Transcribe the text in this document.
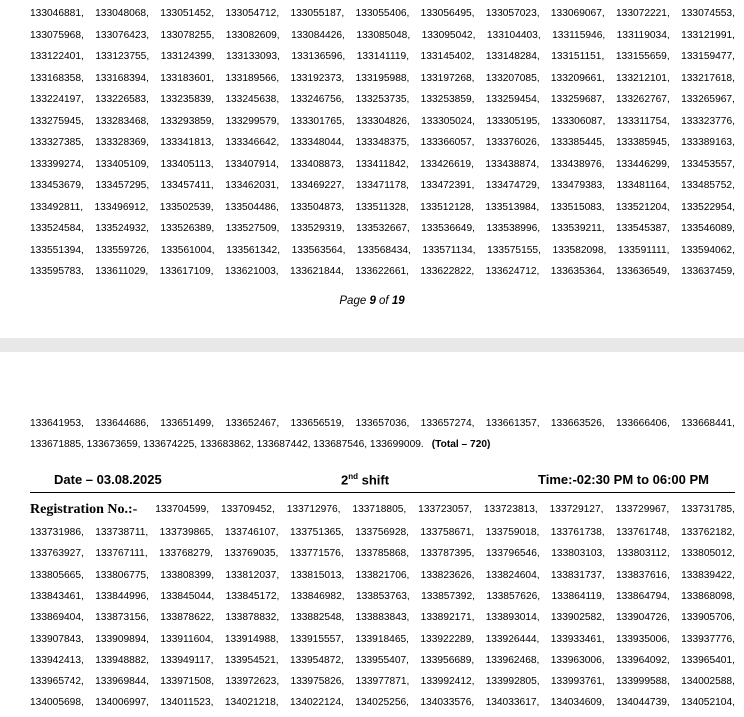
133046881, 133048068, 133051452, 133054712, 133055187, 133055406, 133056495, 133057023, 133069067, 133072221, 133074553,
133075968, 133076423, 133078255, 133082609, 133084426, 133085048, 133095042, 133104403, 133115946, 133119034, 133121991,
133122401, 133123755, 133124399, 133133093, 133136596, 133141119, 133145402, 133148284, 133151151, 133155659, 133159477,
133168358, 133168394, 133183601, 133189566, 133192373, 133195988, 133197268, 133207085, 133209661, 133212101, 133217618,
133224197, 133226583, 133235839, 133245638, 133246756, 133253735, 133253859, 133259454, 133259687, 133262767, 133265967,
133275945, 133283468, 133293859, 133299579, 133301765, 133304826, 133305024, 133305195, 133306087, 133311754, 133323776,
133327385, 133328369, 133341813, 133346642, 133348044, 133348375, 133366057, 133376026, 133385445, 133385945, 133389163,
133399274, 133405109, 133405113, 133407914, 133408873, 133411842, 133426619, 133438874, 133438976, 133446299, 133453557,
133453679, 133457295, 133457411, 133462031, 133469227, 133471178, 133472391, 133474729, 133479383, 133481164, 133485752,
133492811, 133496912, 133502539, 133504486, 133504873, 133511328, 133512128, 133513984, 133515083, 133521204, 133522954,
133524584, 133524932, 133526389, 133527509, 133529319, 133532667, 133536649, 133538996, 133539211, 133545387, 133546089,
133551394, 133559726, 133561004, 133561342, 133563564, 133568434, 133571134, 133575155, 133582098, 133591111, 133594062,
133595783, 133611029, 133617109, 133621003, 133621844, 133622661, 133622822, 133624712, 133635364, 133636549, 133637459,
Page 9 of 19
133641953, 133644686, 133651499, 133652467, 133656519, 133657036, 133657274, 133661357, 133663526, 133666406, 133668441,
133671885, 133673659, 133674225, 133683862, 133687442, 133687546, 133699009. (Total – 720)
Date – 03.08.2025	2nd shift	Time:-02:30 PM to 06:00 PM
Registration No.:- 133704599, 133709452, 133712976, 133718805, 133723057, 133723813, 133729127, 133729967, 133731785,
133731986, 133738711, 133739865, 133746107, 133751365, 133756928, 133758671, 133759018, 133761738, 133761748, 133762182,
133763927, 133767111, 133768279, 133769035, 133771576, 133785868, 133787395, 133796546, 133803103, 133803112, 133805012,
133805665, 133806775, 133808399, 133812037, 133815013, 133821706, 133823626, 133824604, 133831737, 133837616, 133839422,
133843461, 133844996, 133845044, 133845172, 133846982, 133853763, 133857392, 133857626, 133864119, 133864794, 133868098,
133869404, 133873156, 133878622, 133878832, 133882548, 133883843, 133892171, 133893014, 133902582, 133904726, 133905706,
133907843, 133909894, 133911604, 133914988, 133915557, 133918465, 133922289, 133926444, 133933461, 133935006, 133937776,
133942413, 133948882, 133949117, 133954521, 133954872, 133955407, 133956689, 133962468, 133963006, 133964092, 133965401,
133965742, 133969844, 133971508, 133972623, 133975826, 133977871, 133992412, 133992805, 133993761, 133999588, 134002588,
134005698, 134006997, 134011523, 134021218, 134022124, 134025256, 134033576, 134033617, 134034609, 134044739, 134052104,
